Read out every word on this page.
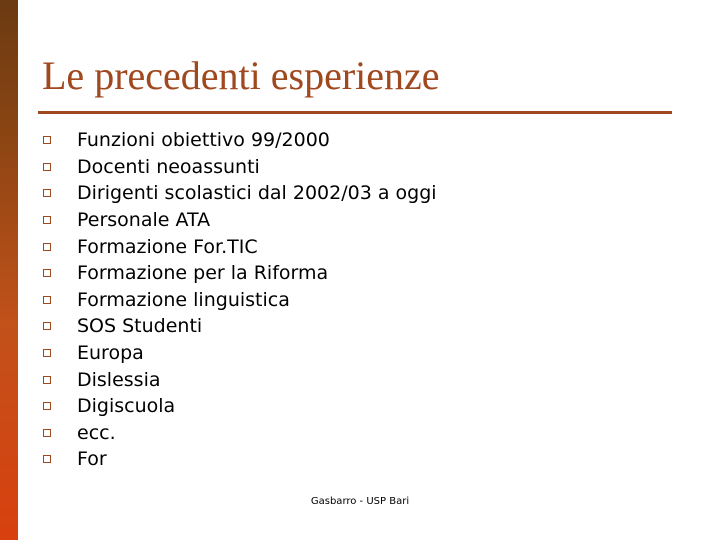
Le precedenti esperienze
Funzioni obiettivo 99/2000
Docenti neoassunti
Dirigenti scolastici dal 2002/03 a oggi
Personale ATA
Formazione For.TIC
Formazione per la Riforma
Formazione linguistica
SOS Studenti
Europa
Dislessia
Digiscuola
ecc.
For
Gasbarro - USP Bari
